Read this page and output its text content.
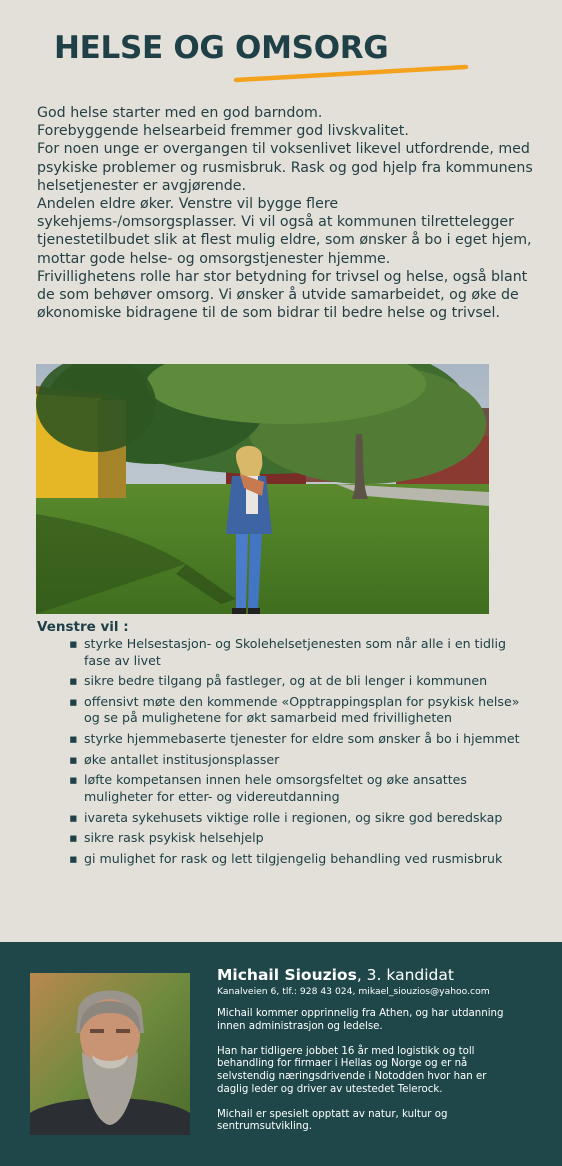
HELSE OG OMSORG

God helse starter med en god barndom.

Forebyggende helsearbeid fremmer god livskvalitet.

For noen unge er overgangen til voksenlivet likevel utfordrende, med psykiske problemer og rusmisbruk. Rask og god hjelp fra kommunens helsetjenester er avgjørende.

Andelen eldre øker. Venstre vil bygge flere sykehjems-/omsorgsplasser. Vi vil også at kommunen tilrettelegger tjenestetilbudet slik at flest mulig eldre, som ønsker å bo i eget hjem, mottar gode helse- og omsorgstjenester hjemme.

Frivillighetens rolle har stor betydning for trivsel og helse, også blant de som behøver omsorg. Vi ønsker å utvide samarbeidet, og øke de økonomiske bidragene til de som bidrar til bedre helse og trivsel.

Venstre vil :
▪ styrke Helsestasjon- og Skolehelsetjenesten som når alle i en tidlig fase av livet
▪ sikre bedre tilgang på fastleger, og at de bli lenger i kommunen
▪ offensivt møte den kommende «Opptrappingsplan for psykisk helse» og se på mulighetene for økt samarbeid med frivilligheten
▪ styrke hjemmebaserte tjenester for eldre som ønsker å bo i hjemmet
▪ øke antallet institusjonsplasser
▪ løfte kompetansen innen hele omsorgsfeltet og øke ansattes muligheter for etter- og videreutdanning
▪ ivareta sykehusets viktige rolle i regionen, og sikre god beredskap
▪ sikre rask psykisk helsehjelp
▪ gi mulighet for rask og lett tilgjengelig behandling ved rusmisbruk

Michail Siouzios, 3. kandidat

Kanalveien 6, tlf.: 928 43 024, mikael_siouzios@yahoo.com

Michail kommer opprinnelig fra Athen, og har utdanning innen administrasjon og ledelse.

Han har tidligere jobbet 16 år med logistikk og toll behandling for firmaer i Hellas og Norge og er nå selvstendig næringsdrivende i Notodden hvor han er daglig leder og driver av utestedet Telerock.

Michail er spesielt opptatt av natur, kultur og sentrumsutvikling.
